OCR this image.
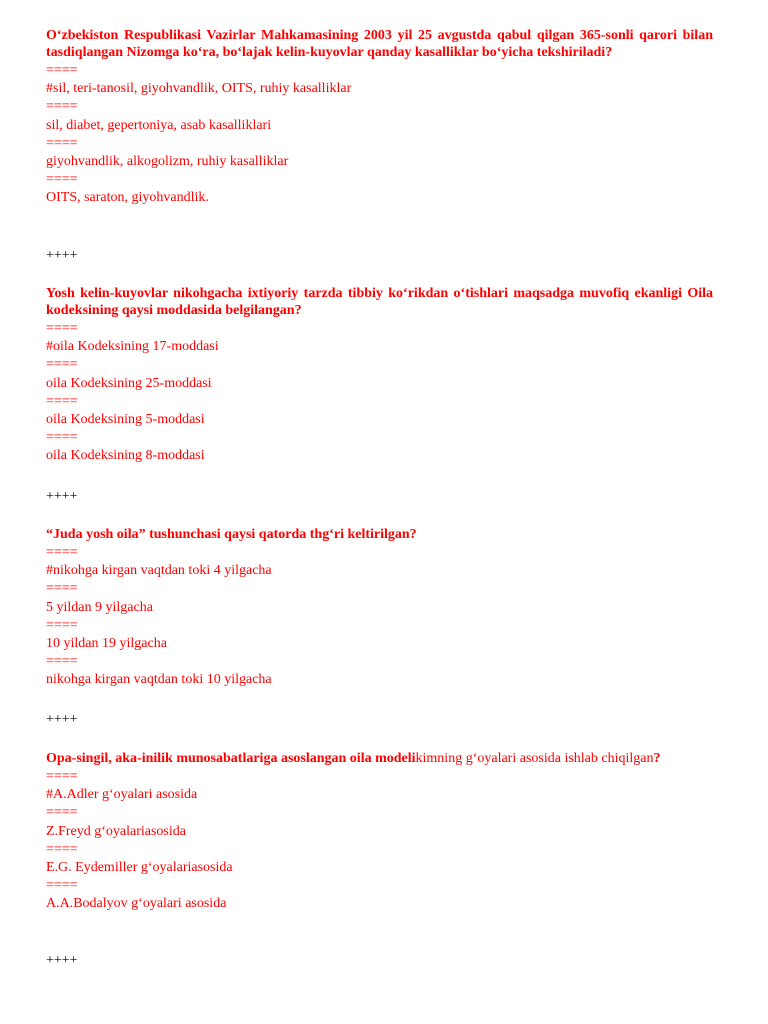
O‘zbekiston Respublikasi Vazirlar Mahkamasining 2003 yil 25 avgustda qabul qilgan 365-sonli qarori bilan tasdiqlangan Nizomga ko‘ra, bo‘lajak kelin-kuyovlar qanday kasalliklar bo‘yicha tekshiriladi?

====

#sil, teri-tanosil, giyohvandlik, OITS, ruhiy kasalliklar

====

sil, diabet, gepertoniya, asab kasalliklari

====

giyohvandlik, alkogolizm, ruhiy kasalliklar

====

OITS, saraton, giyohvandlik.

++++

Yosh kelin-kuyovlar nikohgacha ixtiyoriy tarzda tibbiy ko‘rikdan o‘tishlari maqsadga muvofiq ekanligi Oila kodeksining qaysi moddasida belgilangan?

====

#oila Kodeksining 17-moddasi

====

oila Kodeksining 25-moddasi

====

oila Kodeksining 5-moddasi

====

oila Kodeksining 8-moddasi

++++

“Juda yosh oila” tushunchasi qaysi qatorda thg‘ri keltirilgan?

====

#nikohga kirgan vaqtdan toki 4 yilgacha

====

5 yildan 9 yilgacha

====

10 yildan 19 yilgacha

====

nikohga kirgan vaqtdan toki 10 yilgacha

++++

Opa-singil, aka-inilik munosabatlariga asoslangan oila modelikimning g‘oyalari asosida ishlab chiqilgan?

====

#A.Adler g‘oyalari asosida

====

Z.Freyd g‘oyalariasosida

====

E.G. Eydemiller g‘oyalariasosida

====

A.A.Bodalyov g‘oyalari asosida

++++
